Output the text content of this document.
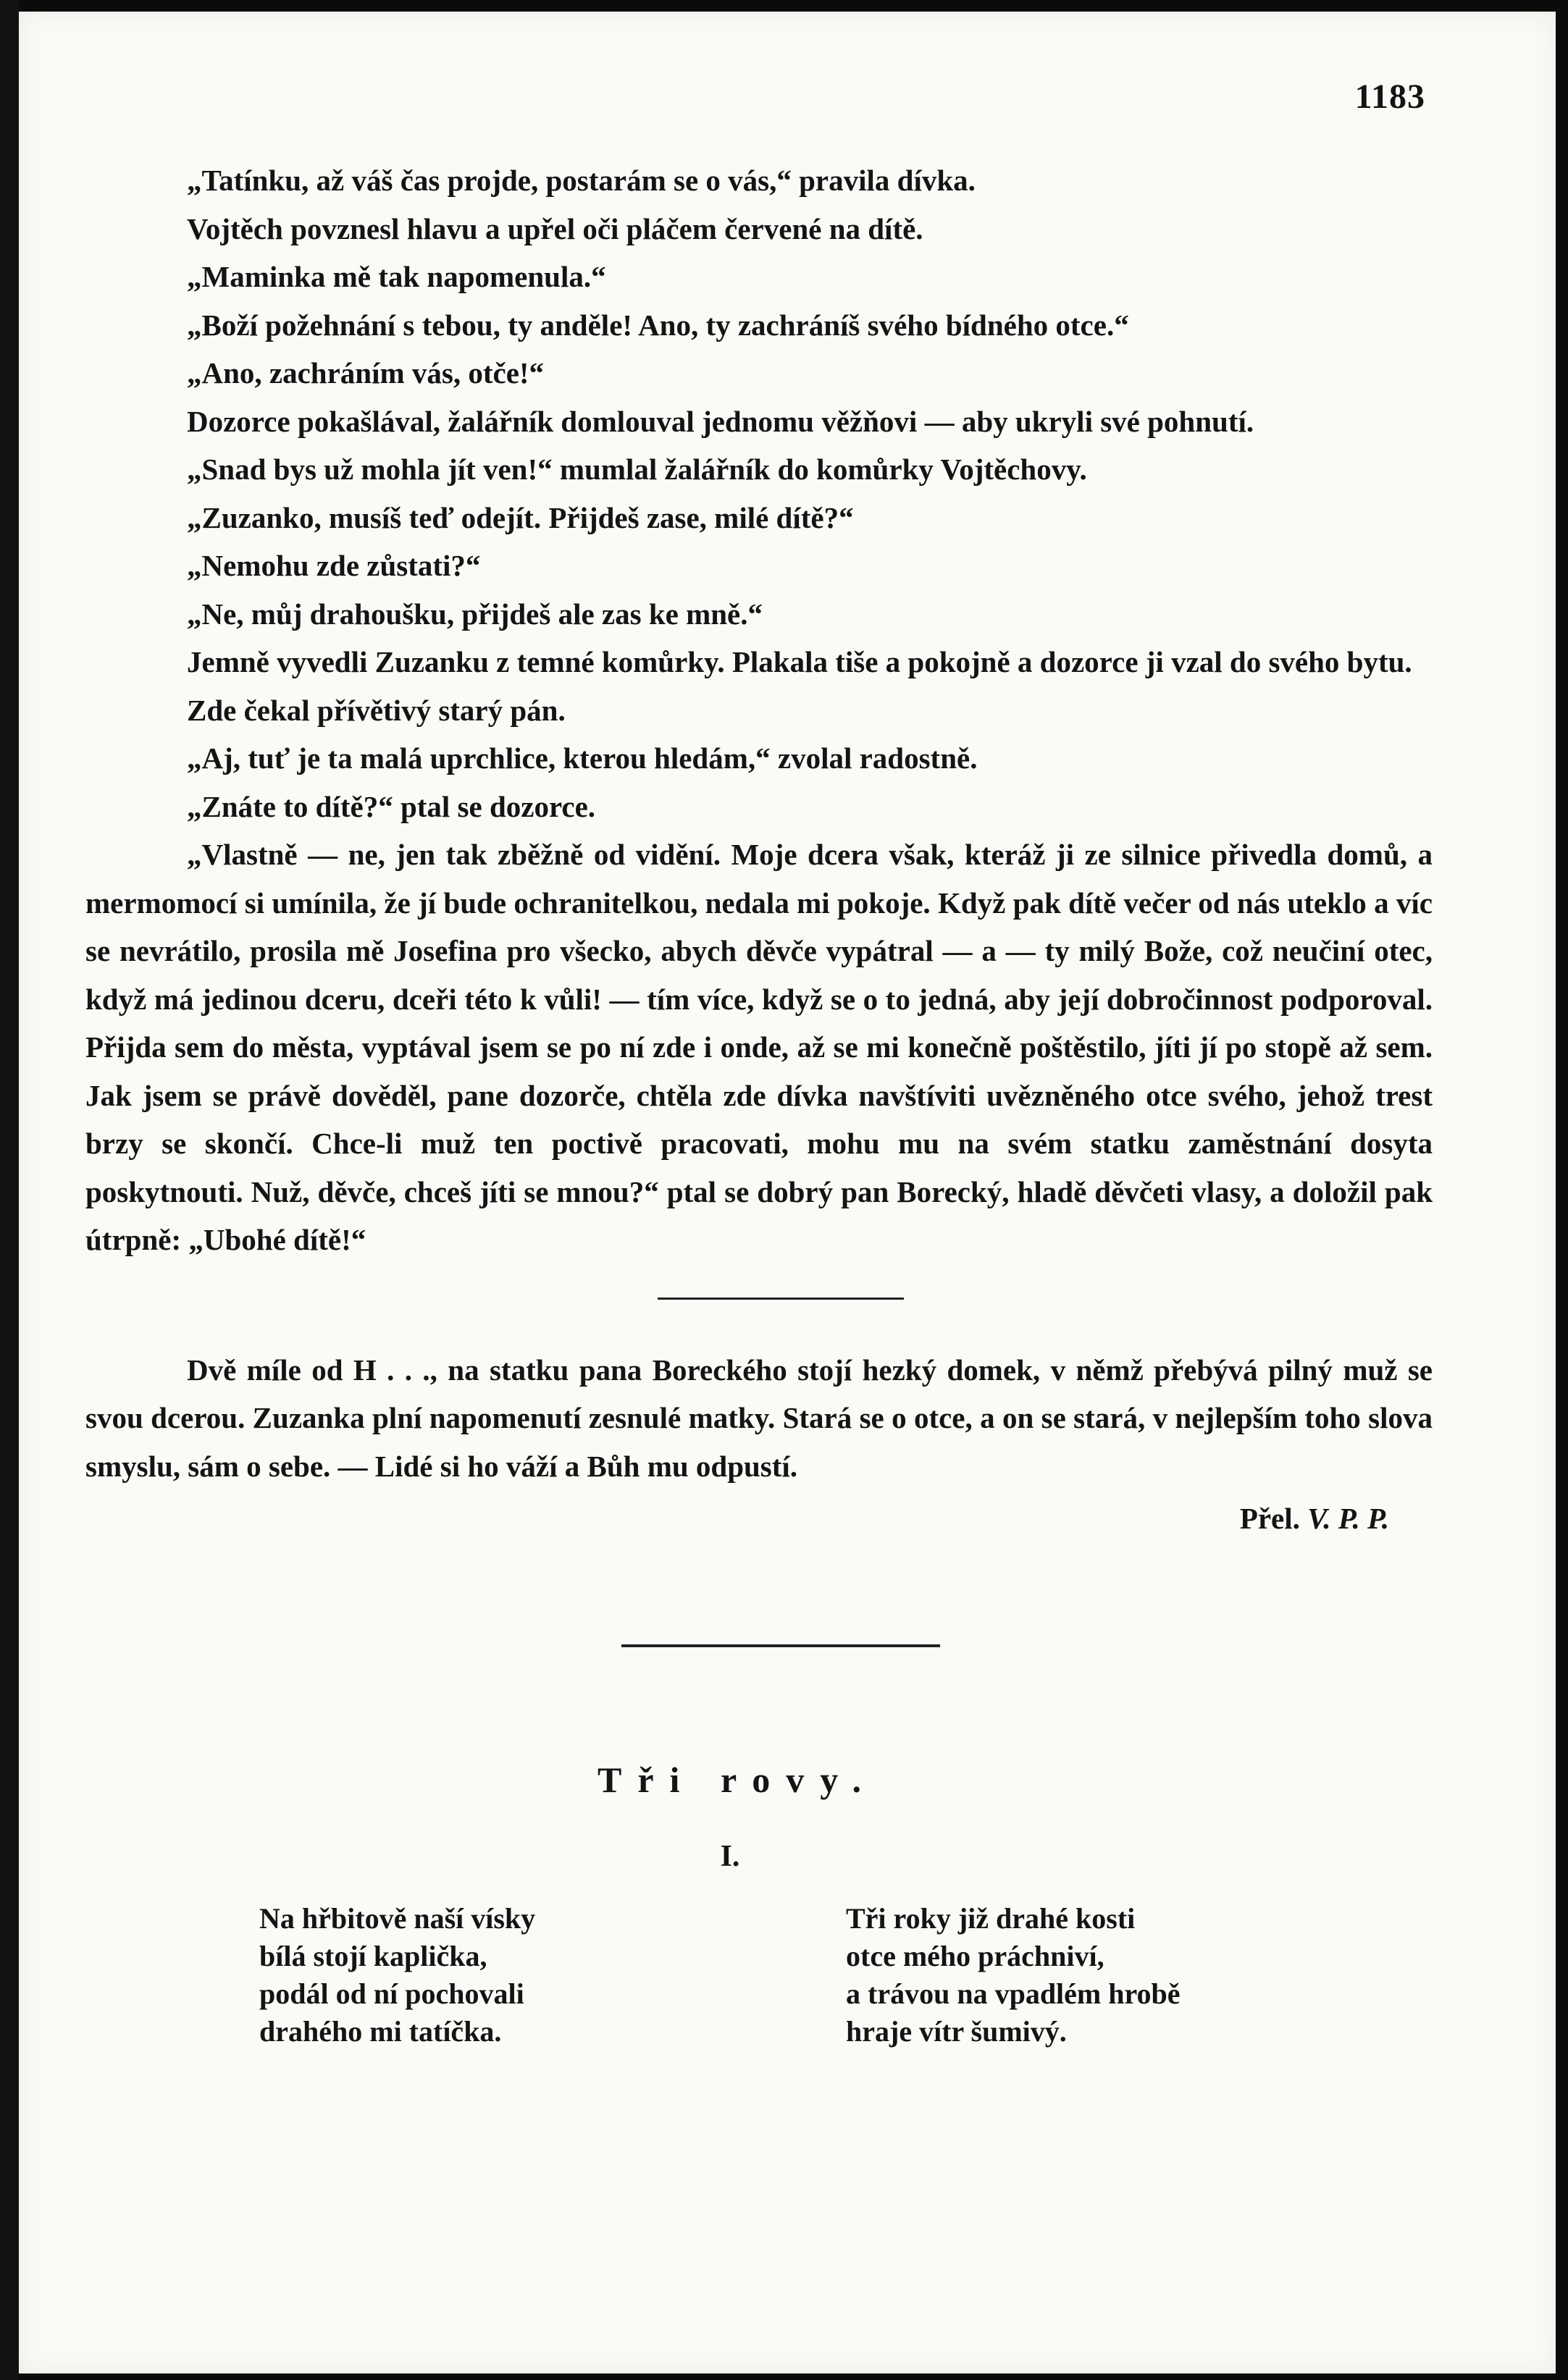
1183

„Tatínku, až váš čas projde, postarám se o vás,“ pravila dívka.

Vojtěch povznesl hlavu a upřel oči pláčem červené na dítě.

„Maminka mě tak napomenula.“

„Boží požehnání s tebou, ty anděle! Ano, ty zachráníš svého bídného otce.“

„Ano, zachráním vás, otče!“

Dozorce pokašlával, žalářník domlouval jednomu věžňovi — aby ukryli své pohnutí.

„Snad bys už mohla jít ven!“ mumlal žalářník do komůrky Vojtěchovy.

„Zuzanko, musíš teď odejít. Přijdeš zase, milé dítě?“

„Nemohu zde zůstati?“

„Ne, můj drahoušku, přijdeš ale zas ke mně.“

Jemně vyvedli Zuzanku z temné komůrky. Plakala tiše a pokojně a dozorce ji vzal do svého bytu.

Zde čekal přívětivý starý pán.

„Aj, tuť je ta malá uprchlice, kterou hledám,“ zvolal radostně.

„Znáte to dítě?“ ptal se dozorce.

„Vlastně — ne, jen tak zběžně od vidění. Moje dcera však, kteráž ji ze silnice přivedla domů, a mermomocí si umínila, že jí bude ochranitelkou, nedala mi pokoje. Když pak dítě večer od nás uteklo a víc se nevrátilo, prosila mě Josefina pro všecko, abych děvče vypátral — a — ty milý Bože, což neučiní otec, když má jedinou dceru, dceři této k vůli! — tím více, když se o to jedná, aby její dobročinnost podporoval. Přijda sem do města, vyptával jsem se po ní zde i onde, až se mi konečně poštěstilo, jíti jí po stopě až sem. Jak jsem se právě dověděl, pane dozorče, chtěla zde dívka navštíviti uvězněného otce svého, jehož trest brzy se skončí. Chce-li muž ten poctivě pracovati, mohu mu na svém statku zaměstnání dosyta poskytnouti. Nuž, děvče, chceš jíti se mnou?“ ptal se dobrý pan Borecký, hladě děvčeti vlasy, a doložil pak útrpně: „Ubohé dítě!“

Dvě míle od H . . ., na statku pana Boreckého stojí hezký domek, v němž přebývá pilný muž se svou dcerou. Zuzanka plní napomenutí zesnulé matky. Stará se o otce, a on se stará, v nejlepším toho slova smyslu, sám o sebe. — Lidé si ho váží a Bůh mu odpustí.

Přel. V. P. P.
Tři rovy.
I.
Na hřbitově naší vísky
bílá stojí kaplička,
podál od ní pochovali
drahého mi tatíčka.
Tři roky již drahé kosti
otce mého práchniví,
a trávou na vpadlém hrobě
hraje vítr šumivý.
